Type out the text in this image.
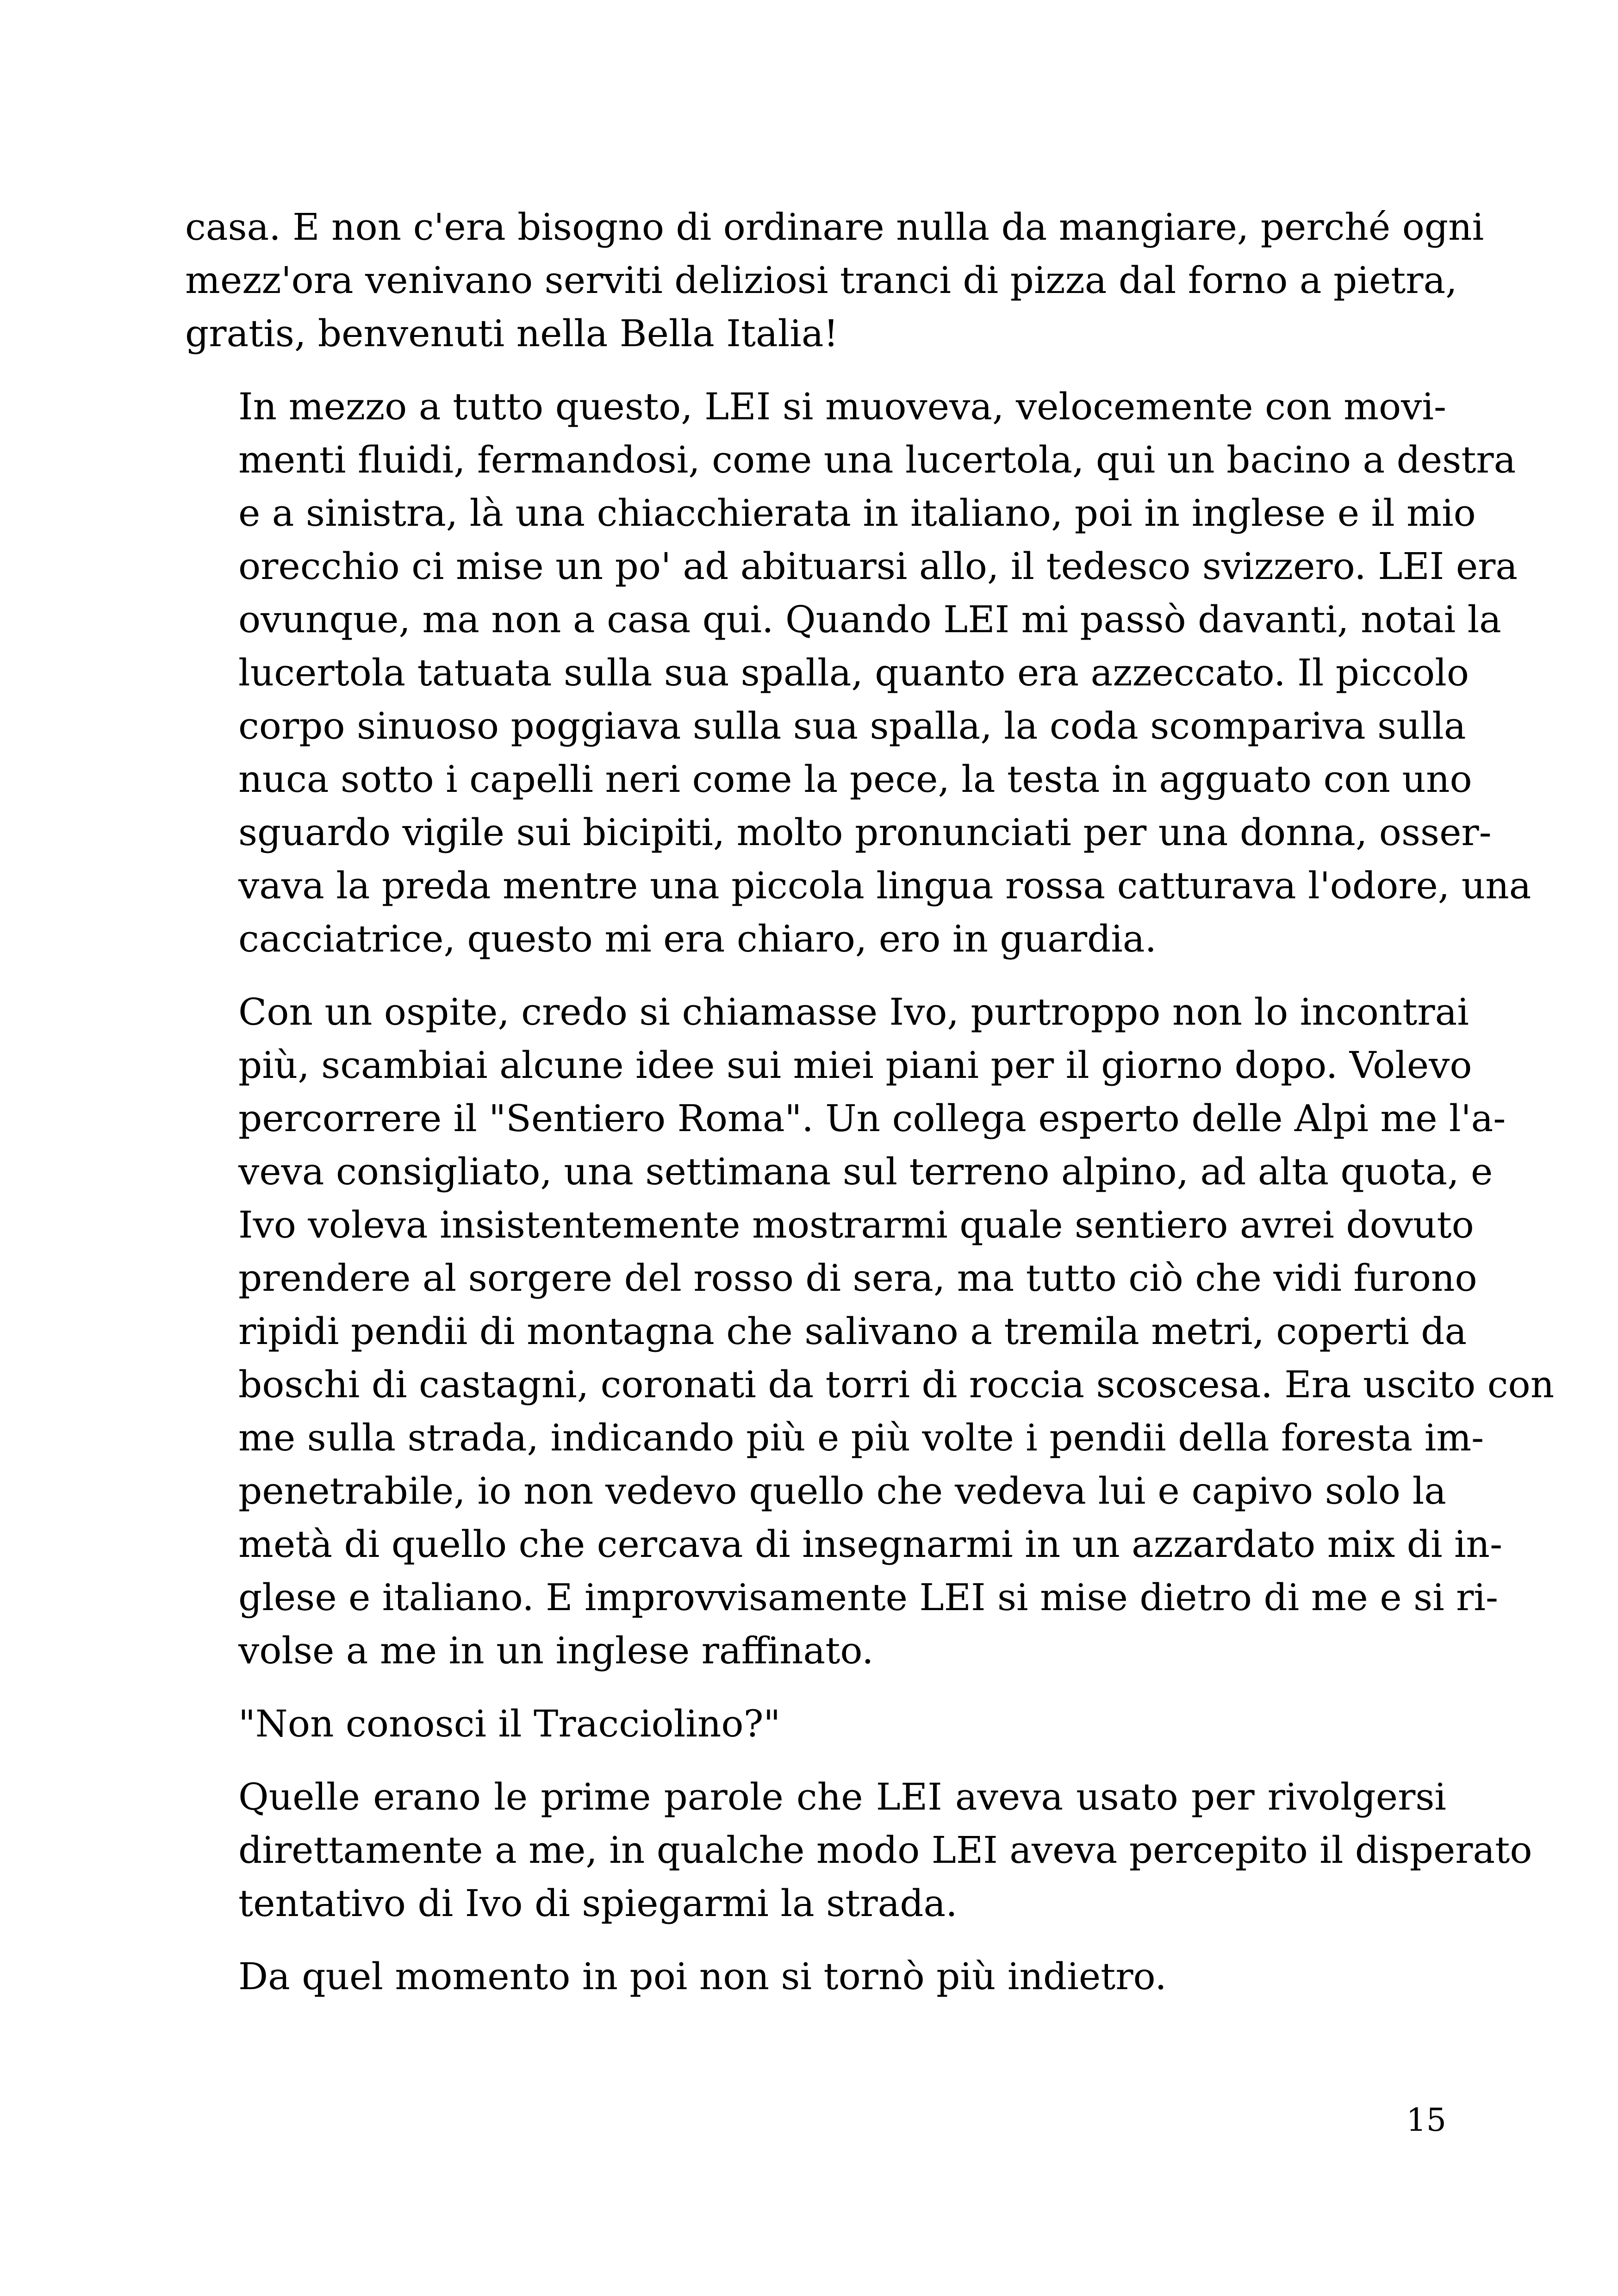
casa. E non c'era bisogno di ordinare nulla da mangiare, perché ogni
mezz'ora venivano serviti deliziosi tranci di pizza dal forno a pietra,
gratis, benvenuti nella Bella Italia!

In mezzo a tutto questo, LEI si muoveva, velocemente con movi-
menti fluidi, fermandosi, come una lucertola, qui un bacino a destra
e a sinistra, là una chiacchierata in italiano, poi in inglese e il mio
orecchio ci mise un po' ad abituarsi allo, il tedesco svizzero. LEI era
ovunque, ma non a casa qui. Quando LEI mi passò davanti, notai la
lucertola tatuata sulla sua spalla, quanto era azzeccato. Il piccolo
corpo sinuoso poggiava sulla sua spalla, la coda scompariva sulla
nuca sotto i capelli neri come la pece, la testa in agguato con uno
sguardo vigile sui bicipiti, molto pronunciati per una donna, osser-
vava la preda mentre una piccola lingua rossa catturava l'odore, una
cacciatrice, questo mi era chiaro, ero in guardia.

Con un ospite, credo si chiamasse Ivo, purtroppo non lo incontrai
più, scambiai alcune idee sui miei piani per il giorno dopo. Volevo
percorrere il "Sentiero Roma". Un collega esperto delle Alpi me l'a-
veva consigliato, una settimana sul terreno alpino, ad alta quota, e
Ivo voleva insistentemente mostrarmi quale sentiero avrei dovuto
prendere al sorgere del rosso di sera, ma tutto ciò che vidi furono
ripidi pendii di montagna che salivano a tremila metri, coperti da
boschi di castagni, coronati da torri di roccia scoscesa. Era uscito con
me sulla strada, indicando più e più volte i pendii della foresta im-
penetrabile, io non vedevo quello che vedeva lui e capivo solo la
metà di quello che cercava di insegnarmi in un azzardato mix di in-
glese e italiano. E improvvisamente LEI si mise dietro di me e si ri-
volse a me in un inglese raffinato.

"Non conosci il Tracciolino?"

Quelle erano le prime parole che LEI aveva usato per rivolgersi
direttamente a me, in qualche modo LEI aveva percepito il disperato
tentativo di Ivo di spiegarmi la strada.

Da quel momento in poi non si tornò più indietro.

15
